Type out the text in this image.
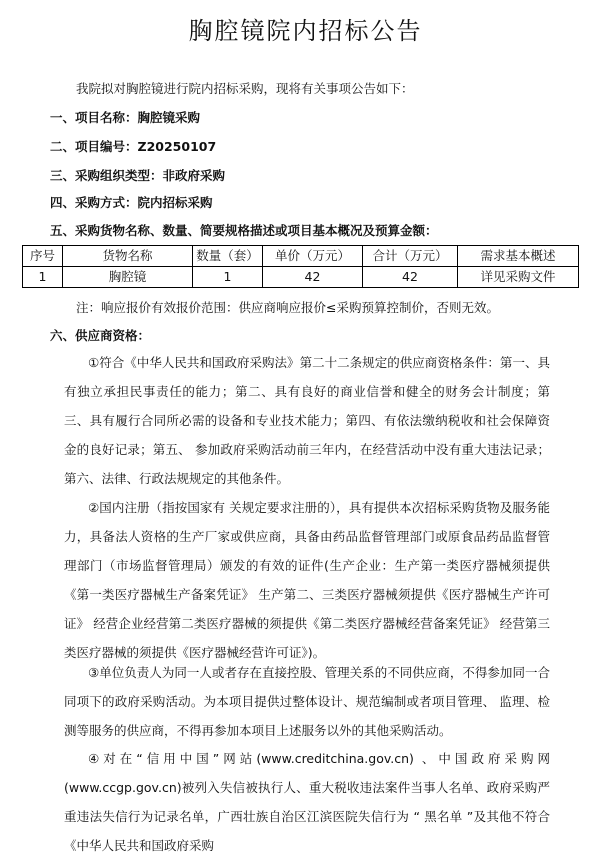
胸腔镜院内招标公告
我院拟对胸腔镜进行院内招标采购，现将有关事项公告如下：
一、项目名称：胸腔镜采购
二、项目编号：Z20250107
三、采购组织类型：非政府采购
四、采购方式：院内招标采购
五、采购货物名称、数量、简要规格描述或项目基本概况及预算金额：
序号	货物名称	数量（套）	单价（万元）	合计（万元）	需求基本概述
1	胸腔镜	1	42	42	详见采购文件
注：响应报价有效报价范围：供应商响应报价≤采购预算控制价，否则无效。
六、供应商资格：
①符合《中华人民共和国政府采购法》第二十二条规定的供应商资格条件：第一、具有独立承担民事责任的能力；第二、具有良好的商业信誉和健全的财务会计制度；第三、具有履行合同所必需的设备和专业技术能力；第四、有依法缴纳税收和社会保障资金的良好记录；第五、 参加政府采购活动前三年内，在经营活动中没有重大违法记录；第六、法律、行政法规规定的其他条件。
②国内注册（指按国家有 关规定要求注册的），具有提供本次招标采购货物及服务能力，具备法人资格的生产厂家或供应商，具备由药品监督管理部门或原食品药品监督管理部门（市场监督管理局）颁发的有效的证件(生产企业：生产第一类医疗器械须提供《第一类医疗器械生产备案凭证》 生产第二、三类医疗器械须提供《医疗器械生产许可证》 经营企业经营第二类医疗器械的须提供《第二类医疗器械经营备案凭证》 经营第三类医疗器械的须提供《医疗器械经营许可证》)。
③单位负责人为同一人或者存在直接控股、管理关系的不同供应商，不得参加同一合同项下的政府采购活动。为本项目提供过整体设计、规范编制或者项目管理、 监理、检测等服务的供应商，不得再参加本项目上述服务以外的其他采购活动。
④对在“信用中国”网站(www.creditchina.gov.cn) 、中国政府采购网(www.ccgp.gov.cn)被列入失信被执行人、重大税收违法案件当事人名单、政府采购严重违法失信行为记录名单，广西壮族自治区江滨医院失信行为 “ 黑名单 ”及其他不符合《中华人民共和国政府采购
